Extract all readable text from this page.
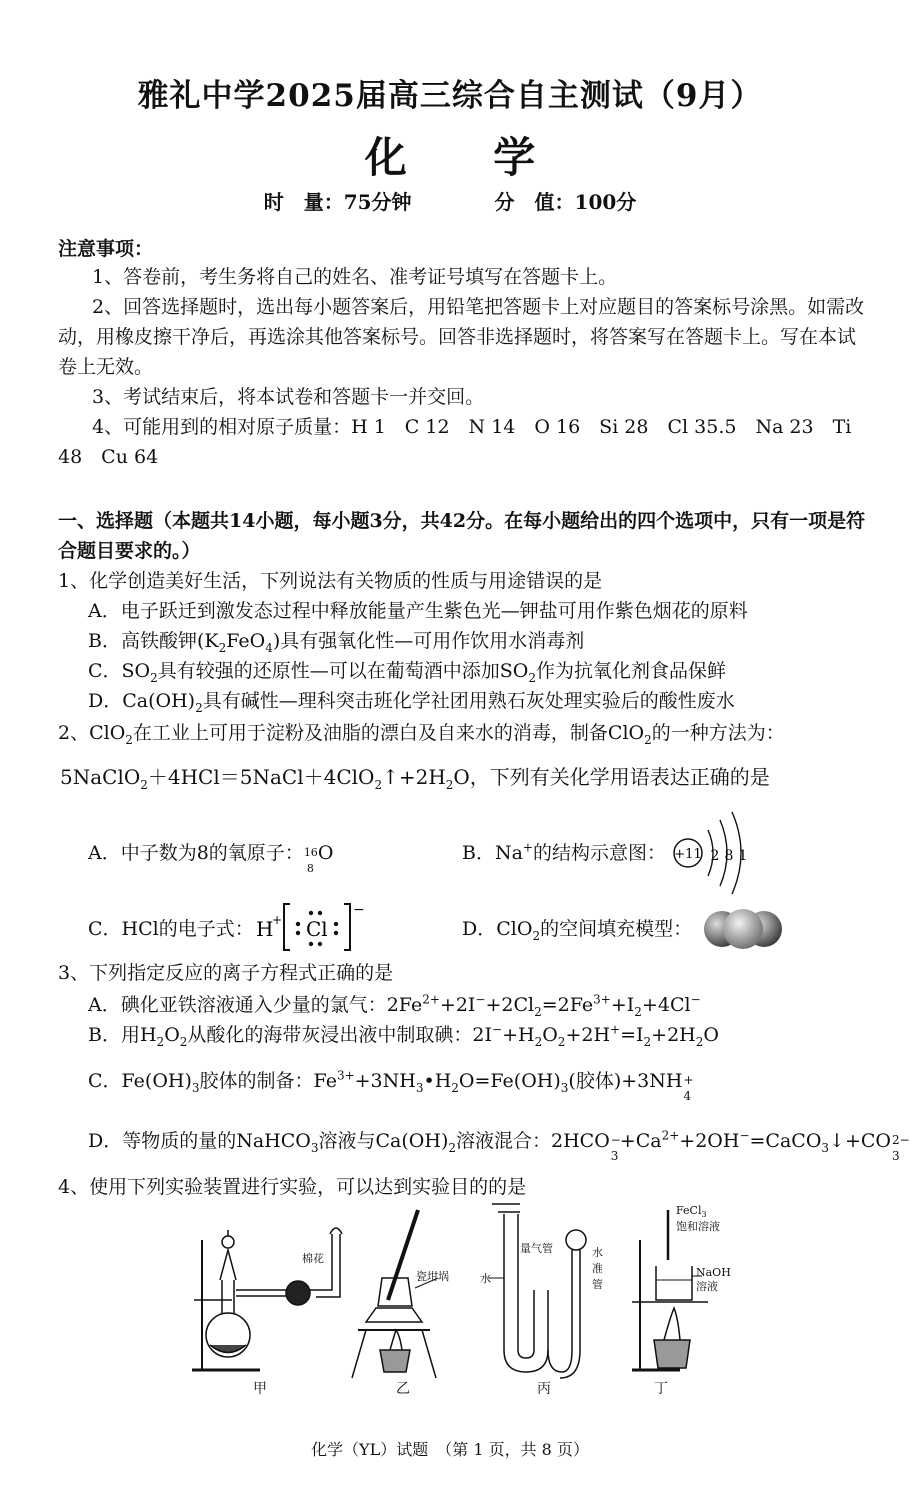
雅礼中学2025届高三综合自主测试（9月）
化 学
时　量：75分钟	分　值：100分
注意事项：
1、答卷前，考生务将自己的姓名、准考证号填写在答题卡上。
2、回答选择题时，选出每小题答案后，用铅笔把答题卡上对应题目的答案标号涂黑。如需改动，用橡皮擦干净后，再选涂其他答案标号。回答非选择题时，将答案写在答题卡上。写在本试卷上无效。
3、考试结束后，将本试卷和答题卡一并交回。
4、可能用到的相对原子质量：H 1　C 12　N 14　O 16　Si 28　Cl 35.5　Na 23　Ti 48　Cu 64
一、选择题（本题共14小题，每小题3分，共42分。在每小题给出的四个选项中，只有一项是符合题目要求的。）
1、化学创造美好生活，下列说法有关物质的性质与用途错误的是
A．电子跃迁到激发态过程中释放能量产生紫色光—钾盐可用作紫色烟花的原料
B．高铁酸钾$(K_2FeO_4)$具有强氧化性—可用作饮用水消毒剂
C．$SO_2$具有较强的还原性—可以在葡萄酒中添加$SO_2$作为抗氧化剂食品保鲜
D．$Ca(OH)_2$具有碱性—理科突击班化学社团用熟石灰处理实验后的酸性废水
2、ClO$_2$在工业上可用于淀粉及油脂的漂白及自来水的消毒，制备ClO$_2$的一种方法为：
$5NaClO_2+4HCl=5NaCl+4ClO_2↑+2H_2O$，下列有关化学用语表达正确的是
A．中子数为8的氧原子： 16
8
O	B．Na+的结构示意图： +11 2 8 1
C．HCl的电子式： H
+ Cl
−
D．ClO$_2$的空间填充模型：
3、下列指定反应的离子方程式正确的是
A．碘化亚铁溶液通入少量的氯气：$2Fe^{2+}+2I^-+2Cl_2=2Fe^{3+}+I_2+4Cl^-$
B．用$H_2O_2$从酸化的海带灰浸出液中制取碘：$2I^-+H_2O_2+2H^+=I_2+2H_2O$
C．$Fe(OH)_3$胶体的制备：$Fe^{3+}+3NH_3•H_2O=Fe(OH)_3$(胶体)+3NH +
4
D．等物质的量的NaHCO$_3$溶液与$Ca(OH)_2$溶液混合：2HCO −
3
$+Ca^{2+}+2OH^-=CaCO_3↓+CO$ 2−
3
4、使用下列实验装置进行实验，可以达到实验目的的是
棉花
瓷坩埚
量气管
水
水
准
管
FeCl$_3$
饱和溶液
NaOH
溶液
甲	乙	丙	丁
化学（YL）试题　（第 1 页，共 8 页）
